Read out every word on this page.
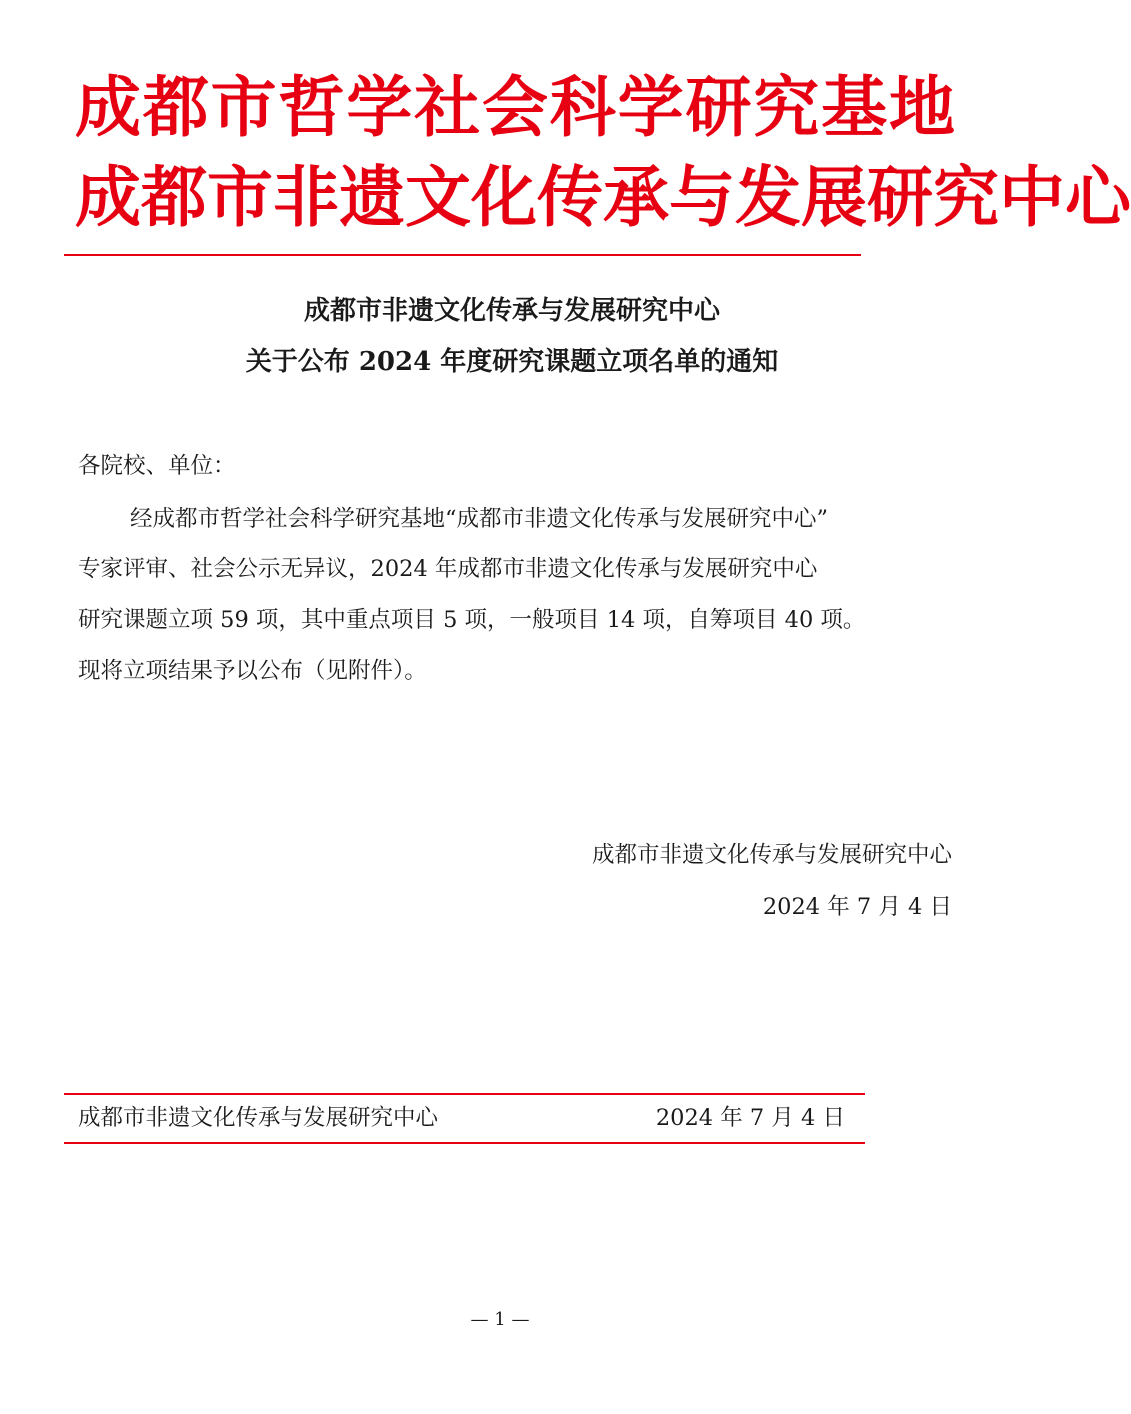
成 都 市 哲 学 社 会 科 学 研 究 基 地
成 都 市 非 遗 文 化 传 承 与 发 展 研 究 中 心
成都市非遗文化传承与发展研究中心
关于公布 2024 年度研究课题立项名单的通知
各院校、单位：
经成都市哲学社会科学研究基地“成都市非遗文化传承与发展研究中心”
专家评审、社会公示无异议，2024 年成都市非遗文化传承与发展研究中心
研究课题立项 59 项，其中重点项目 5 项，一般项目 14 项，自筹项目 40 项。
现将立项结果予以公布（见附件）。
成都市非遗文化传承与发展研究中心
2024 年 7 月 4 日
成都市非遗文化传承与发展研究中心	2024 年 7 月 4 日
— 1 —
